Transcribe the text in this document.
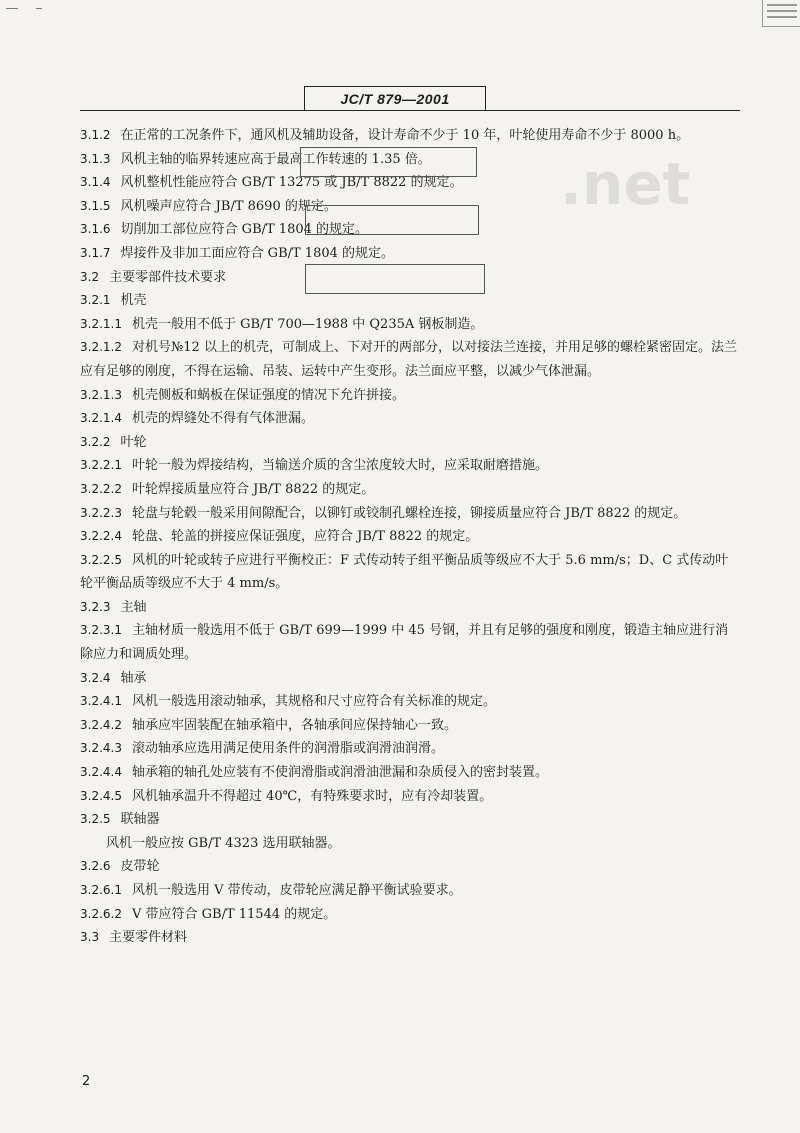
JC/T 879—2001
.net

3.1.2 在正常的工况条件下，通风机及辅助设备，设计寿命不少于 10 年，叶轮使用寿命不少于 8000 h。

3.1.3 风机主轴的临界转速应高于最高工作转速的 1.35 倍。

3.1.4 风机整机性能应符合 GB/T 13275 或 JB/T 8822 的规定。

3.1.5 风机噪声应符合 JB/T 8690 的规定。

3.1.6 切削加工部位应符合 GB/T 1804 的规定。

3.1.7 焊接件及非加工面应符合 GB/T 1804 的规定。

3.2 主要零部件技术要求

3.2.1 机壳

3.2.1.1 机壳一般用不低于 GB/T 700—1988 中 Q235A 钢板制造。

3.2.1.2 对机号№12 以上的机壳，可制成上、下对开的两部分，以对接法兰连接，并用足够的螺栓紧密固定。法兰应有足够的刚度，不得在运输、吊装、运转中产生变形。法兰面应平整，以减少气体泄漏。

3.2.1.3 机壳侧板和蜗板在保证强度的情况下允许拼接。

3.2.1.4 机壳的焊缝处不得有气体泄漏。

3.2.2 叶轮

3.2.2.1 叶轮一般为焊接结构，当输送介质的含尘浓度较大时，应采取耐磨措施。

3.2.2.2 叶轮焊接质量应符合 JB/T 8822 的规定。

3.2.2.3 轮盘与轮毂一般采用间隙配合，以铆钉或铰制孔螺栓连接，铆接质量应符合 JB/T 8822 的规定。

3.2.2.4 轮盘、轮盖的拼接应保证强度，应符合 JB/T 8822 的规定。

3.2.2.5 风机的叶轮或转子应进行平衡校正：F 式传动转子组平衡品质等级应不大于 5.6 mm/s；D、C 式传动叶轮平衡品质等级应不大于 4 mm/s。

3.2.3 主轴

3.2.3.1 主轴材质一般选用不低于 GB/T 699—1999 中 45 号钢，并且有足够的强度和刚度，锻造主轴应进行消除应力和调质处理。

3.2.4 轴承

3.2.4.1 风机一般选用滚动轴承，其规格和尺寸应符合有关标准的规定。

3.2.4.2 轴承应牢固装配在轴承箱中，各轴承间应保持轴心一致。

3.2.4.3 滚动轴承应选用满足使用条件的润滑脂或润滑油润滑。

3.2.4.4 轴承箱的轴孔处应装有不使润滑脂或润滑油泄漏和杂质侵入的密封装置。

3.2.4.5 风机轴承温升不得超过 40℃，有特殊要求时，应有冷却装置。

3.2.5 联轴器

风机一般应按 GB/T 4323 选用联轴器。

3.2.6 皮带轮

3.2.6.1 风机一般选用 V 带传动，皮带轮应满足静平衡试验要求。

3.2.6.2 V 带应符合 GB/T 11544 的规定。

3.3 主要零件材料

2
